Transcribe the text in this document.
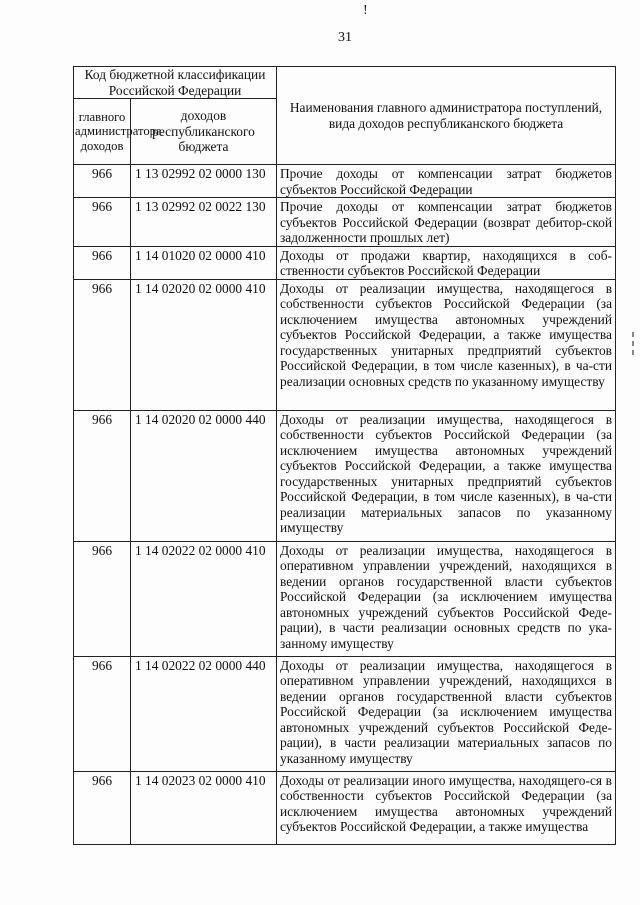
!
31
Код бюджетной классификации Российской Федерации		Наименования главного администратора поступлений, вида доходов республиканского бюджета
главного администратора доходов	доходов республиканского бюджета	
966	1 13 02992 02 0000 130	Прочие доходы от компенсации затрат бюджетов субъектов Российской Федерации
966	1 13 02992 02 0022 130	Прочие доходы от компенсации затрат бюджетов субъектов Российской Федерации (возврат дебитор-ской задолженности прошлых лет)
966	1 14 01020 02 0000 410	Доходы от продажи квартир, находящихся в соб-ственности субъектов Российской Федерации
966	1 14 02020 02 0000 410	Доходы от реализации имущества, находящегося в собственности субъектов Российской Федерации (за исключением имущества автономных учреждений субъектов Российской Федерации, а также имущества государственных унитарных предприятий субъектов Российской Федерации, в том числе казенных), в ча-сти реализации основных средств по указанному имуществу
966	1 14 02020 02 0000 440	Доходы от реализации имущества, находящегося в собственности субъектов Российской Федерации (за исключением имущества автономных учреждений субъектов Российской Федерации, а также имущества государственных унитарных предприятий субъектов Российской Федерации, в том числе казенных), в ча-сти реализации материальных запасов по указанному имуществу
966	1 14 02022 02 0000 410	Доходы от реализации имущества, находящегося в оперативном управлении учреждений, находящихся в ведении органов государственной власти субъектов Российской Федерации (за исключением имущества автономных учреждений субъектов Российской Феде-рации), в части реализации основных средств по ука-занному имуществу
966	1 14 02022 02 0000 440	Доходы от реализации имущества, находящегося в оперативном управлении учреждений, находящихся в ведении органов государственной власти субъектов Российской Федерации (за исключением имущества автономных учреждений субъектов Российской Феде-рации), в части реализации материальных запасов по указанному имуществу
966	1 14 02023 02 0000 410	Доходы от реализации иного имущества, находящего-ся в собственности субъектов Российской Федерации (за исключением имущества автономных учреждений субъектов Российской Федерации, а также имущества
